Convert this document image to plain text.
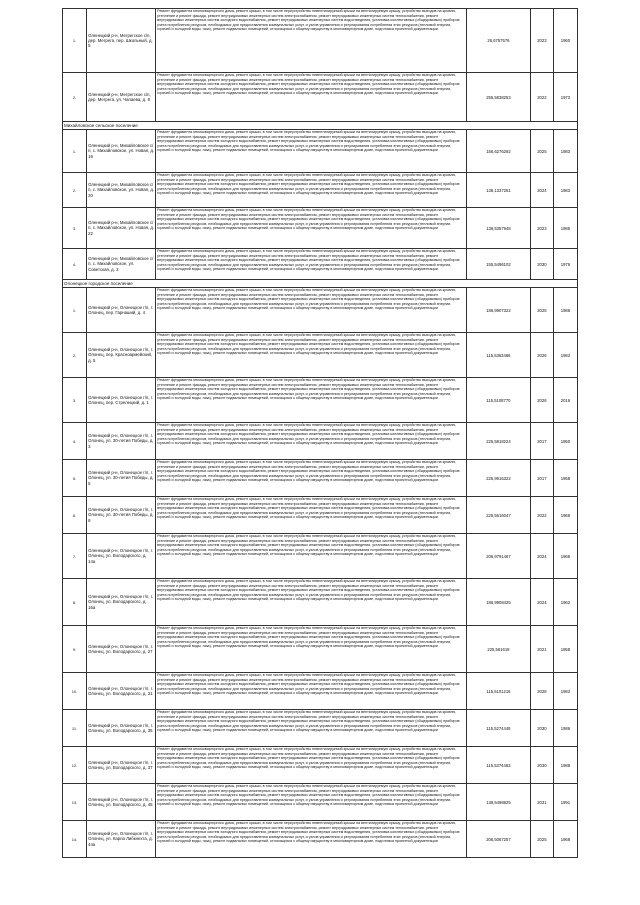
1.	Оленецкий р-н, Мегрегское с/п, дер. Мегрега, пер. Школьный, д. 5	Ремонт фундамента многоквартирного дома, ремонт крыши, в том числе переустройство невентилируемой крыши на вентилируемую крышу, устройство выходов на кровлю, утепление и ремонт фасада, ремонт внутридомовых инженерных систем электроснабжения, ремонт внутридомовых инженерных систем теплоснабжения, ремонт внутридомовых инженерных систем холодного водоснабжения, ремонт внутридомовых инженерных систем водоотведения, установка коллективных (общедомовых) приборов учета потребления ресурсов, необходимых для предоставления коммунальных услуг, и узлов управления и регулирования потребления этих ресурсов (тепловой энергии, горячей и холодной воды, газа), ремонт подвальных помещений, относящихся к общему имуществу в многоквартирном доме, подготовка проектной документации	26,6757576	2023	1960
2.	Оленецкий р-н, Мегрегское с/п, дер. Мегрега, ул. Чапаева, д. 8	Ремонт фундамента многоквартирного дома, ремонт крыши, в том числе переустройство невентилируемой крыши на вентилируемую крышу, устройство выходов на кровлю, утепление и ремонт фасада, ремонт внутридомовых инженерных систем электроснабжения, ремонт внутридомовых инженерных систем теплоснабжения, ремонт внутридомовых инженерных систем холодного водоснабжения, ремонт внутридомовых инженерных систем водоотведения, установка коллективных (общедомовых) приборов учета потребления ресурсов, необходимых для предоставления коммунальных услуг, и узлов управления и регулирования потребления этих ресурсов (тепловой энергии, горячей и холодной воды, газа), ремонт подвальных помещений, относящихся к общему имуществу в многоквартирном доме, подготовка проектной документации	255,5838253	2022	1973
Михайловское сельское поселение					
1.	Оленецкий р-н, Михайловское с/п, с. Михайловское, ул. Новая, д. 19	Ремонт фундамента многоквартирного дома, ремонт крыши, в том числе переустройство невентилируемой крыши на вентилируемую крышу, устройство выходов на кровлю, утепление и ремонт фасада, ремонт внутридомовых инженерных систем электроснабжения, ремонт внутридомовых инженерных систем теплоснабжения, ремонт внутридомовых инженерных систем холодного водоснабжения, ремонт внутридомовых инженерных систем водоотведения, установка коллективных (общедомовых) приборов учета потребления ресурсов, необходимых для предоставления коммунальных услуг, и узлов управления и регулирования потребления этих ресурсов (тепловой энергии, горячей и холодной воды, газа), ремонт подвальных помещений, относящихся к общему имуществу в многоквартирном доме, подготовка проектной документации	156,6276292	2025	1983
2.	Оленецкий р-н, Михайловское с/п, с. Михайловское, ул. Новая, д. 20	Ремонт фундамента многоквартирного дома, ремонт крыши, в том числе переустройство невентилируемой крыши на вентилируемую крышу, устройство выходов на кровлю, утепление и ремонт фасада, ремонт внутридомовых инженерных систем электроснабжения, ремонт внутридомовых инженерных систем теплоснабжения, ремонт внутридомовых инженерных систем холодного водоснабжения, ремонт внутридомовых инженерных систем водоотведения, установка коллективных (общедомовых) приборов учета потребления ресурсов, необходимых для предоставления коммунальных услуг, и узлов управления и регулирования потребления этих ресурсов (тепловой энергии, горячей и холодной воды, газа), ремонт подвальных помещений, относящихся к общему имуществу в многоквартирном доме, подготовка проектной документации	138,1337251	2024	1983
3.	Оленецкий р-н, Михайловское с/п, с. Михайловское, ул. Новая, д. 22	Ремонт фундамента многоквартирного дома, ремонт крыши, в том числе переустройство невентилируемой крыши на вентилируемую крышу, устройство выходов на кровлю, утепление и ремонт фасада, ремонт внутридомовых инженерных систем электроснабжения, ремонт внутридомовых инженерных систем теплоснабжения, ремонт внутридомовых инженерных систем холодного водоснабжения, ремонт внутридомовых инженерных систем водоотведения, установка коллективных (общедомовых) приборов учета потребления ресурсов, необходимых для предоставления коммунальных услуг, и узлов управления и регулирования потребления этих ресурсов (тепловой энергии, горячей и холодной воды, газа), ремонт подвальных помещений, относящихся к общему имуществу в многоквартирном доме, подготовка проектной документации	136,5357948	2023	1985
4.	Оленецкий р-н, Михайловское с/п, с. Михайловское, ул. Советская, д. 3	Ремонт фундамента многоквартирного дома, ремонт крыши, в том числе переустройство невентилируемой крыши на вентилируемую крышу, устройство выходов на кровлю, утепление и ремонт фасада, ремонт внутридомовых инженерных систем электроснабжения, ремонт внутридомовых инженерных систем теплоснабжения, ремонт внутридомовых инженерных систем холодного водоснабжения, ремонт внутридомовых инженерных систем водоотведения, установка коллективных (общедомовых) приборов учета потребления ресурсов, необходимых для предоставления коммунальных услуг, и узлов управления и регулирования потребления этих ресурсов (тепловой энергии, горячей и холодной воды, газа), ремонт подвальных помещений, относящихся к общему имуществу в многоквартирном доме, подготовка проектной документации	155,5496102	2030	1976
Олонецкое городское поселение					
1.	Оленецкий р-н, Олонецкое г/п, г. Олонец, пер. Гарнаший, д. 4	Ремонт фундамента многоквартирного дома, ремонт крыши, в том числе переустройство невентилируемой крыши на вентилируемую крышу, устройство выходов на кровлю, утепление и ремонт фасада, ремонт внутридомовых инженерных систем электроснабжения, ремонт внутридомовых инженерных систем теплоснабжения, ремонт внутридомовых инженерных систем холодного водоснабжения, ремонт внутридомовых инженерных систем водоотведения, установка коллективных (общедомовых) приборов учета потребления ресурсов, необходимых для предоставления коммунальных услуг, и узлов управления и регулирования потребления этих ресурсов (тепловой энергии, горячей и холодной воды, газа), ремонт подвальных помещений, относящихся к общему имуществу в многоквартирном доме, подготовка проектной документации	186,9907322	2026	1986
2.	Оленецкий р-н, Олонецкое г/п, г. Олонец, пер. Красноармейский, д. 5	Ремонт фундамента многоквартирного дома, ремонт крыши, в том числе переустройство невентилируемой крыши на вентилируемую крышу, устройство выходов на кровлю, утепление и ремонт фасада, ремонт внутридомовых инженерных систем электроснабжения, ремонт внутридомовых инженерных систем теплоснабжения, ремонт внутридомовых инженерных систем холодного водоснабжения, ремонт внутридомовых инженерных систем водоотведения, установка коллективных (общедомовых) приборов учета потребления ресурсов, необходимых для предоставления коммунальных услуг, и узлов управления и регулирования потребления этих ресурсов (тепловой энергии, горячей и холодной воды, газа), ремонт подвальных помещений, относящихся к общему имуществу в многоквартирном доме, подготовка проектной документации	115,5363466	2026	1983
3.	Оленецкий р-н, Олонецкое г/п, г. Олонец, пер. Стрелецкий, д. 1	Ремонт фундамента многоквартирного дома, ремонт крыши, в том числе переустройство невентилируемой крыши на вентилируемую крышу, устройство выходов на кровлю, утепление и ремонт фасада, ремонт внутридомовых инженерных систем электроснабжения, ремонт внутридомовых инженерных систем теплоснабжения, ремонт внутридомовых инженерных систем холодного водоснабжения, ремонт внутридомовых инженерных систем водоотведения, установка коллективных (общедомовых) приборов учета потребления ресурсов, необходимых для предоставления коммунальных услуг, и узлов управления и регулирования потребления этих ресурсов (тепловой энергии, горячей и холодной воды, газа), ремонт подвальных помещений, относящихся к общему имуществу в многоквартирном доме, подготовка проектной документации	115,5108770	2026	2016
4.	Оленецкий р-н, Олонецкое г/п, г. Олонец, ул. 30-летия Победы, д. 3	Ремонт фундамента многоквартирного дома, ремонт крыши, в том числе переустройство невентилируемой крыши на вентилируемую крышу, устройство выходов на кровлю, утепление и ремонт фасада, ремонт внутридомовых инженерных систем электроснабжения, ремонт внутридомовых инженерных систем теплоснабжения, ремонт внутридомовых инженерных систем холодного водоснабжения, ремонт внутридомовых инженерных систем водоотведения, установка коллективных (общедомовых) приборов учета потребления ресурсов, необходимых для предоставления коммунальных услуг, и узлов управления и регулирования потребления этих ресурсов (тепловой энергии, горячей и холодной воды, газа), ремонт подвальных помещений, относящихся к общему имуществу в многоквартирном доме, подготовка проектной документации	225,5818224	2017	1950
5.	Оленецкий р-н, Олонецкое г/п, г. Олонец, ул. 30-летия Победы, д. 5	Ремонт фундамента многоквартирного дома, ремонт крыши, в том числе переустройство невентилируемой крыши на вентилируемую крышу, устройство выходов на кровлю, утепление и ремонт фасада, ремонт внутридомовых инженерных систем электроснабжения, ремонт внутридомовых инженерных систем теплоснабжения, ремонт внутридомовых инженерных систем холодного водоснабжения, ремонт внутридомовых инженерных систем водоотведения, установка коллективных (общедомовых) приборов учета потребления ресурсов, необходимых для предоставления коммунальных услуг, и узлов управления и регулирования потребления этих ресурсов (тепловой энергии, горячей и холодной воды, газа), ремонт подвальных помещений, относящихся к общему имуществу в многоквартирном доме, подготовка проектной документации	225,9916322	2017	1958
6.	Оленецкий р-н, Олонецкое г/п, г. Олонец, ул. 30-летия Победы, д. 8	Ремонт фундамента многоквартирного дома, ремонт крыши, в том числе переустройство невентилируемой крыши на вентилируемую крышу, устройство выходов на кровлю, утепление и ремонт фасада, ремонт внутридомовых инженерных систем электроснабжения, ремонт внутридомовых инженерных систем теплоснабжения, ремонт внутридомовых инженерных систем холодного водоснабжения, ремонт внутридомовых инженерных систем водоотведения, установка коллективных (общедомовых) приборов учета потребления ресурсов, необходимых для предоставления коммунальных услуг, и узлов управления и регулирования потребления этих ресурсов (тепловой энергии, горячей и холодной воды, газа), ремонт подвальных помещений, относящихся к общему имуществу в многоквартирном доме, подготовка проектной документации	225,5616047	2022	1969
7.	Оленецкий р-н, Олонецкое г/п, г. Олонец, ул. Володарского, д. 14а	Ремонт фундамента многоквартирного дома, ремонт крыши, в том числе переустройство невентилируемой крыши на вентилируемую крышу, устройство выходов на кровлю, утепление и ремонт фасада, ремонт внутридомовых инженерных систем электроснабжения, ремонт внутридомовых инженерных систем теплоснабжения, ремонт внутридомовых инженерных систем холодного водоснабжения, ремонт внутридомовых инженерных систем водоотведения, установка коллективных (общедомовых) приборов учета потребления ресурсов, необходимых для предоставления коммунальных услуг, и узлов управления и регулирования потребления этих ресурсов (тепловой энергии, горячей и холодной воды, газа), ремонт подвальных помещений, относящихся к общему имуществу в многоквартирном доме, подготовка проектной документации	206,9791467	2024	1966
8.	Оленецкий р-н, Олонецкое г/п, г. Олонец, ул. Володарского, д. 16а	Ремонт фундамента многоквартирного дома, ремонт крыши, в том числе переустройство невентилируемой крыши на вентилируемую крышу, устройство выходов на кровлю, утепление и ремонт фасада, ремонт внутридомовых инженерных систем электроснабжения, ремонт внутридомовых инженерных систем теплоснабжения, ремонт внутридомовых инженерных систем холодного водоснабжения, ремонт внутридомовых инженерных систем водоотведения, установка коллективных (общедомовых) приборов учета потребления ресурсов, необходимых для предоставления коммунальных услуг, и узлов управления и регулирования потребления этих ресурсов (тепловой энергии, горячей и холодной воды, газа), ремонт подвальных помещений, относящихся к общему имуществу в многоквартирном доме, подготовка проектной документации	186,9908425	2024	1962
9.	Оленецкий р-н, Олонецкое г/п, г. Олонец, ул. Володарского, д. 27	Ремонт фундамента многоквартирного дома, ремонт крыши, в том числе переустройство невентилируемой крыши на вентилируемую крышу, устройство выходов на кровлю, утепление и ремонт фасада, ремонт внутридомовых инженерных систем электроснабжения, ремонт внутридомовых инженерных систем теплоснабжения, ремонт внутридомовых инженерных систем холодного водоснабжения, ремонт внутридомовых инженерных систем водоотведения, установка коллективных (общедомовых) приборов учета потребления ресурсов, необходимых для предоставления коммунальных услуг, и узлов управления и регулирования потребления этих ресурсов (тепловой энергии, горячей и холодной воды, газа), ремонт подвальных помещений, относящихся к общему имуществу в многоквартирном доме, подготовка проектной документации	225,561618	2021	1958
10.	Оленецкий р-н, Олонецкое г/п, г. Олонец, ул. Володарского, д. 31	Ремонт фундамента многоквартирного дома, ремонт крыши, в том числе переустройство невентилируемой крыши на вентилируемую крышу, устройство выходов на кровлю, утепление и ремонт фасада, ремонт внутридомовых инженерных систем электроснабжения, ремонт внутридомовых инженерных систем теплоснабжения, ремонт внутридомовых инженерных систем холодного водоснабжения, ремонт внутридомовых инженерных систем водоотведения, установка коллективных (общедомовых) приборов учета потребления ресурсов, необходимых для предоставления коммунальных услуг, и узлов управления и регулирования потребления этих ресурсов (тепловой энергии, горячей и холодной воды, газа), ремонт подвальных помещений, относящихся к общему имуществу в многоквартирном доме, подготовка проектной документации	115,5101216	2028	1983
11.	Оленецкий р-н, Олонецкое г/п, г. Олонец, ул. Володарского, д. 35	Ремонт фундамента многоквартирного дома, ремонт крыши, в том числе переустройство невентилируемой крыши на вентилируемую крышу, устройство выходов на кровлю, утепление и ремонт фасада, ремонт внутридомовых инженерных систем электроснабжения, ремонт внутридомовых инженерных систем теплоснабжения, ремонт внутридомовых инженерных систем холодного водоснабжения, ремонт внутридомовых инженерных систем водоотведения, установка коллективных (общедомовых) приборов учета потребления ресурсов, необходимых для предоставления коммунальных услуг, и узлов управления и регулирования потребления этих ресурсов (тепловой энергии, горячей и холодной воды, газа), ремонт подвальных помещений, относящихся к общему имуществу в многоквартирном доме, подготовка проектной документации	115,5274448	2030	1986
12.	Оленецкий р-н, Олонецкое г/п, г. Олонец, ул. Володарского, д. 37	Ремонт фундамента многоквартирного дома, ремонт крыши, в том числе переустройство невентилируемой крыши на вентилируемую крышу, устройство выходов на кровлю, утепление и ремонт фасада, ремонт внутридомовых инженерных систем электроснабжения, ремонт внутридомовых инженерных систем теплоснабжения, ремонт внутридомовых инженерных систем холодного водоснабжения, ремонт внутридомовых инженерных систем водоотведения, установка коллективных (общедомовых) приборов учета потребления ресурсов, необходимых для предоставления коммунальных услуг, и узлов управления и регулирования потребления этих ресурсов (тепловой энергии, горячей и холодной воды, газа), ремонт подвальных помещений, относящихся к общему имуществу в многоквартирном доме, подготовка проектной документации	115,5374463	2030	1988
13.	Оленецкий р-н, Олонецкое г/п, г. Олонец, ул. Володарского, д. 45	Ремонт фундамента многоквартирного дома, ремонт крыши, в том числе переустройство невентилируемой крыши на вентилируемую крышу, устройство выходов на кровлю, утепление и ремонт фасада, ремонт внутридомовых инженерных систем электроснабжения, ремонт внутридомовых инженерных систем теплоснабжения, ремонт внутридомовых инженерных систем холодного водоснабжения, ремонт внутридомовых инженерных систем водоотведения, установка коллективных (общедомовых) приборов учета потребления ресурсов, необходимых для предоставления коммунальных услуг, и узлов управления и регулирования потребления этих ресурсов (тепловой энергии, горячей и холодной воды, газа), ремонт подвальных помещений, относящихся к общему имуществу в многоквартирном доме, подготовка проектной документации	138,5498825	2031	1991
14.	Оленецкий р-н, Олонецкое г/п, г. Олонец, ул. Карла Либкнехта, д. 44а	Ремонт фундамента многоквартирного дома, ремонт крыши, в том числе переустройство невентилируемой крыши на вентилируемую крышу, устройство выходов на кровлю, утепление и ремонт фасада, ремонт внутридомовых инженерных систем электроснабжения, ремонт внутридомовых инженерных систем теплоснабжения, ремонт внутридомовых инженерных систем холодного водоснабжения, ремонт внутридомовых инженерных систем водоотведения, установка коллективных (общедомовых) приборов учета потребления ресурсов, необходимых для предоставления коммунальных услуг, и узлов управления и регулирования потребления этих ресурсов (тепловой энергии, горячей и холодной воды, газа), ремонт подвальных помещений, относящихся к общему имуществу в многоквартирном доме, подготовка проектной документации	206,5067257	2025	1968
